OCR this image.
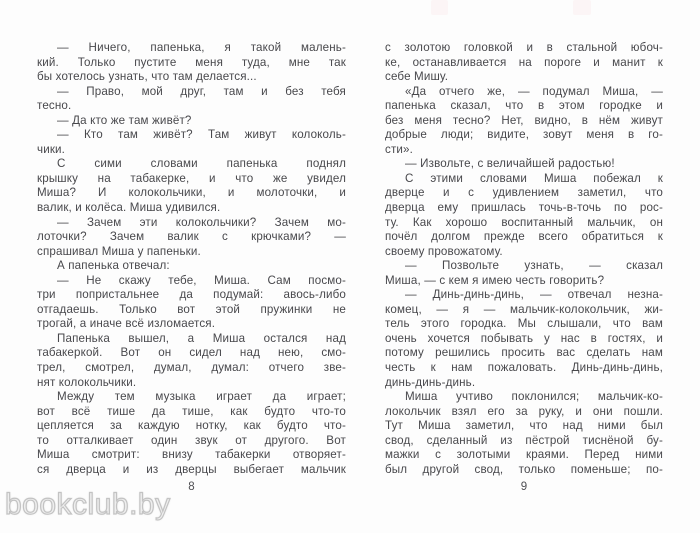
— Ничего, папенька, я такой малень-
кий. Только пустите меня туда, мне так
бы хотелось узнать, что там делается...
— Право, мой друг, там и без тебя
тесно.
— Да кто же там живёт?
— Кто там живёт? Там живут колоколь-
чики.
С сими словами папенька поднял
крышку на табакерке, и что же увидел
Миша? И колокольчики, и молоточки, и
валик, и колёса. Миша удивился.
— Зачем эти колокольчики? Зачем мо-
лоточки? Зачем валик с крючками? —
спрашивал Миша у папеньки.
А папенька отвечал:
— Не скажу тебе, Миша. Сам посмо-
три попристальнее да подумай: авось-либо
отгадаешь. Только вот этой пружинки не
трогай, а иначе всё изломается.
Папенька вышел, а Миша остался над
табакеркой. Вот он сидел над нею, смо-
трел, смотрел, думал, думал: отчего зве-
нят колокольчики.
Между тем музыка играет да играет;
вот всё тише да тише, как будто что-то
цепляется за каждую нотку, как будто что-
то отталкивает один звук от другого. Вот
Миша смотрит: внизу табакерки отворяет-
ся дверца и из дверцы выбегает мальчик
с золотою головкой и в стальной юбоч-
ке, останавливается на пороге и манит к
себе Мишу.
«Да отчего же, — подумал Миша, —
папенька сказал, что в этом городке и
без меня тесно? Нет, видно, в нём живут
добрые люди; видите, зовут меня в го-
сти».
— Извольте, с величайшей радостью!
С этими словами Миша побежал к
дверце и с удивлением заметил, что
дверца ему пришлась точь-в-точь по рос-
ту. Как хорошо воспитанный мальчик, он
почёл долгом прежде всего обратиться к
своему провожатому.
— Позвольте узнать, — сказал
Миша, — с кем я имею честь говорить?
— Динь-динь-динь, — отвечал незна-
комец, — я — мальчик-колокольчик, жи-
тель этого городка. Мы слышали, что вам
очень хочется побывать у нас в гостях, и
потому решились просить вас сделать нам
честь к нам пожаловать. Динь-динь-динь,
динь-динь-динь.
Миша учтиво поклонился; мальчик-ко-
локольчик взял его за руку, и они пошли.
Тут Миша заметил, что над ними был
свод, сделанный из пёстрой тиснёной бу-
мажки с золотыми краями. Перед ними
был другой свод, только поменьше; по-
8	9
bookclub.by
